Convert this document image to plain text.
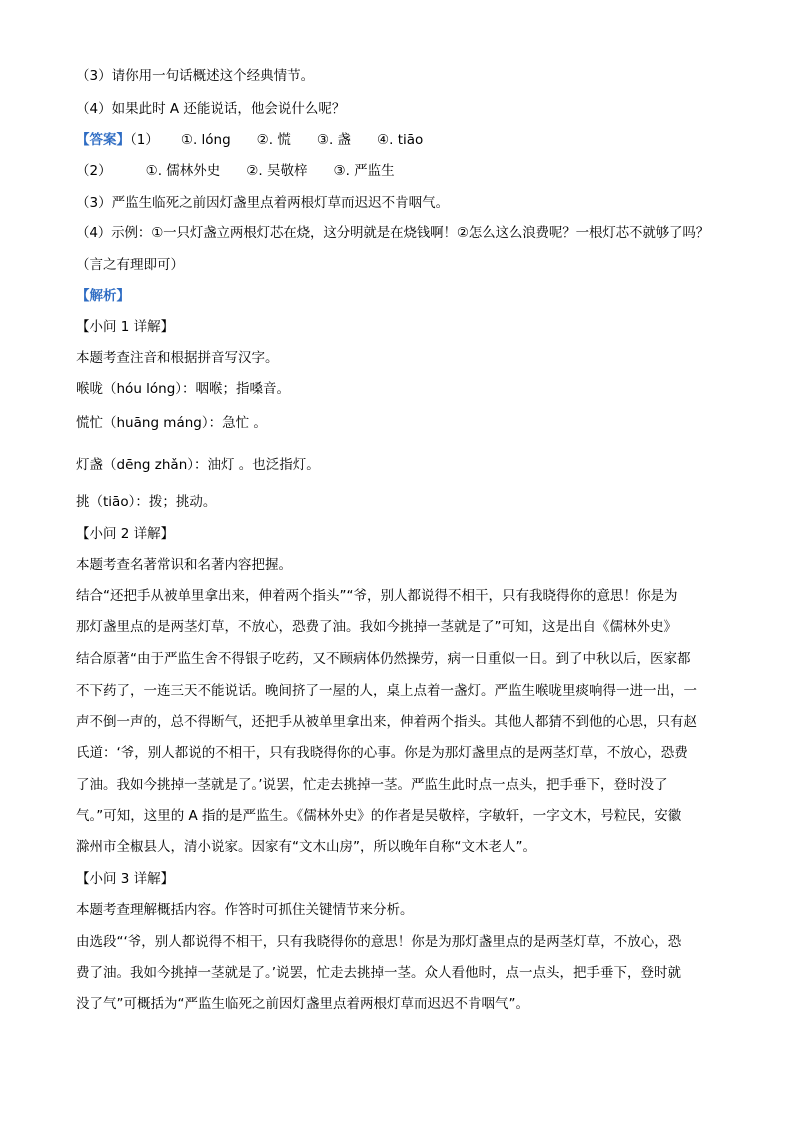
（3）请你用一句话概述这个经典情节。
（4）如果此时 A 还能说话，他会说什么呢？
【答案】（1） ①. lóng ②. 慌 ③. 盏 ④. tiāo
（2）	①. 儒林外史 ②. 吴敬梓 ③. 严监生
（3）严监生临死之前因灯盏里点着两根灯草而迟迟不肯咽气。
（4）示例：①一只灯盏立两根灯芯在烧，这分明就是在烧钱啊！②怎么这么浪费呢？一根灯芯不就够了吗？
（言之有理即可）
【解析】
【小问 1 详解】
本题考查注音和根据拼音写汉字。
喉咙（hóu lóng）：咽喉；指嗓音。
慌忙（huāng máng）：急忙 。
灯盏（dēng zhǎn）：油灯 。也泛指灯。
挑（tiāo）：拨；挑动。
【小问 2 详解】
本题考查名著常识和名著内容把握。
结合“还把手从被单里拿出来，伸着两个指头”“爷，别人都说得不相干，只有我晓得你的意思！你是为
那灯盏里点的是两茎灯草，不放心，恐费了油。我如今挑掉一茎就是了”可知，这是出自《儒林外史》
结合原著“由于严监生舍不得银子吃药，又不顾病体仍然操劳，病一日重似一日。到了中秋以后，医家都
不下药了，一连三天不能说话。晚间挤了一屋的人，桌上点着一盏灯。严监生喉咙里痰响得一进一出，一
声不倒一声的，总不得断气，还把手从被单里拿出来，伸着两个指头。其他人都猜不到他的心思，只有赵
氏道：‘爷，别人都说的不相干，只有我晓得你的心事。你是为那灯盏里点的是两茎灯草，不放心，恐费
了油。我如今挑掉一茎就是了。’说罢，忙走去挑掉一茎。严监生此时点一点头，把手垂下，登时没了
气。”可知，这里的 A 指的是严监生。《儒林外史》的作者是吴敬梓，字敏轩，一字文木，号粒民，安徽
滁州市全椒县人，清小说家。因家有“文木山房”，所以晚年自称“文木老人”。
【小问 3 详解】
本题考查理解概括内容。作答时可抓住关键情节来分析。
由选段“‘爷，别人都说得不相干，只有我晓得你的意思！你是为那灯盏里点的是两茎灯草，不放心，恐
费了油。我如今挑掉一茎就是了。’说罢，忙走去挑掉一茎。众人看他时，点一点头，把手垂下，登时就
没了气”可概括为“严监生临死之前因灯盏里点着两根灯草而迟迟不肯咽气”。
